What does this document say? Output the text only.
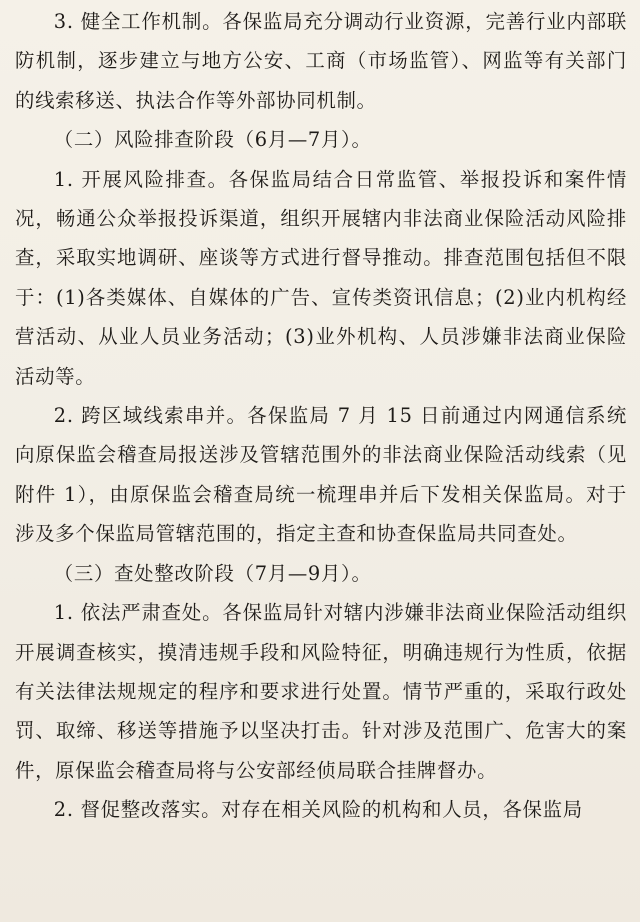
3. 健全工作机制。各保监局充分调动行业资源，完善行业内部联防机制，逐步建立与地方公安、工商（市场监管）、网监等有关部门的线索移送、执法合作等外部协同机制。

（二）风险排查阶段（6月—7月）。

1. 开展风险排查。各保监局结合日常监管、举报投诉和案件情况，畅通公众举报投诉渠道，组织开展辖内非法商业保险活动风险排查，采取实地调研、座谈等方式进行督导推动。排查范围包括但不限于：(1)各类媒体、自媒体的广告、宣传类资讯信息；(2)业内机构经营活动、从业人员业务活动；(3)业外机构、人员涉嫌非法商业保险活动等。

2. 跨区域线索串并。各保监局 7 月 15 日前通过内网通信系统向原保监会稽查局报送涉及管辖范围外的非法商业保险活动线索（见附件 1），由原保监会稽查局统一梳理串并后下发相关保监局。对于涉及多个保监局管辖范围的，指定主查和协查保监局共同查处。

（三）查处整改阶段（7月—9月）。

1. 依法严肃查处。各保监局针对辖内涉嫌非法商业保险活动组织开展调查核实，摸清违规手段和风险特征，明确违规行为性质，依据有关法律法规规定的程序和要求进行处置。情节严重的，采取行政处罚、取缔、移送等措施予以坚决打击。针对涉及范围广、危害大的案件，原保监会稽查局将与公安部经侦局联合挂牌督办。

2. 督促整改落实。对存在相关风险的机构和人员，各保监局
